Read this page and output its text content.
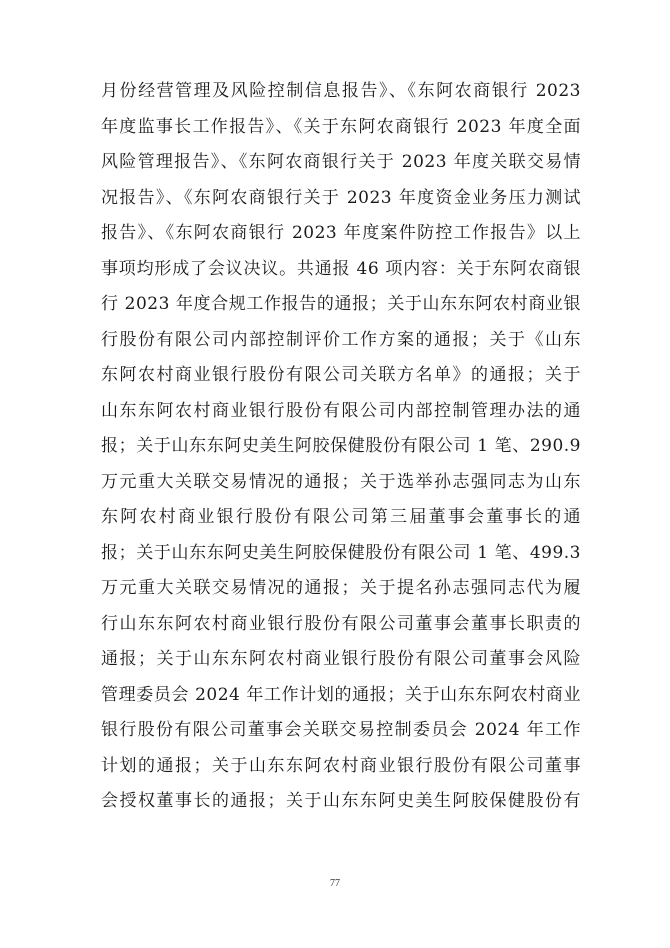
月份经营管理及风险控制信息报告》、《东阿农商银行 2023
年度监事长工作报告》、《关于东阿农商银行 2023 年度全面
风险管理报告》、《东阿农商银行关于 2023 年度关联交易情
况报告》、《东阿农商银行关于 2023 年度资金业务压力测试
报告》、《东阿农商银行 2023 年度案件防控工作报告》以上
事项均形成了会议决议。共通报 46 项内容：关于东阿农商银
行 2023 年度合规工作报告的通报；关于山东东阿农村商业银
行股份有限公司内部控制评价工作方案的通报；关于《山东
东阿农村商业银行股份有限公司关联方名单》的通报；关于
山东东阿农村商业银行股份有限公司内部控制管理办法的通
报；关于山东东阿史美生阿胶保健股份有限公司 1 笔、290.9
万元重大关联交易情况的通报；关于选举孙志强同志为山东
东阿农村商业银行股份有限公司第三届董事会董事长的通
报；关于山东东阿史美生阿胶保健股份有限公司 1 笔、499.3
万元重大关联交易情况的通报；关于提名孙志强同志代为履
行山东东阿农村商业银行股份有限公司董事会董事长职责的
通报；关于山东东阿农村商业银行股份有限公司董事会风险
管理委员会 2024 年工作计划的通报；关于山东东阿农村商业
银行股份有限公司董事会关联交易控制委员会 2024 年工作
计划的通报；关于山东东阿农村商业银行股份有限公司董事
会授权董事长的通报；关于山东东阿史美生阿胶保健股份有
77
